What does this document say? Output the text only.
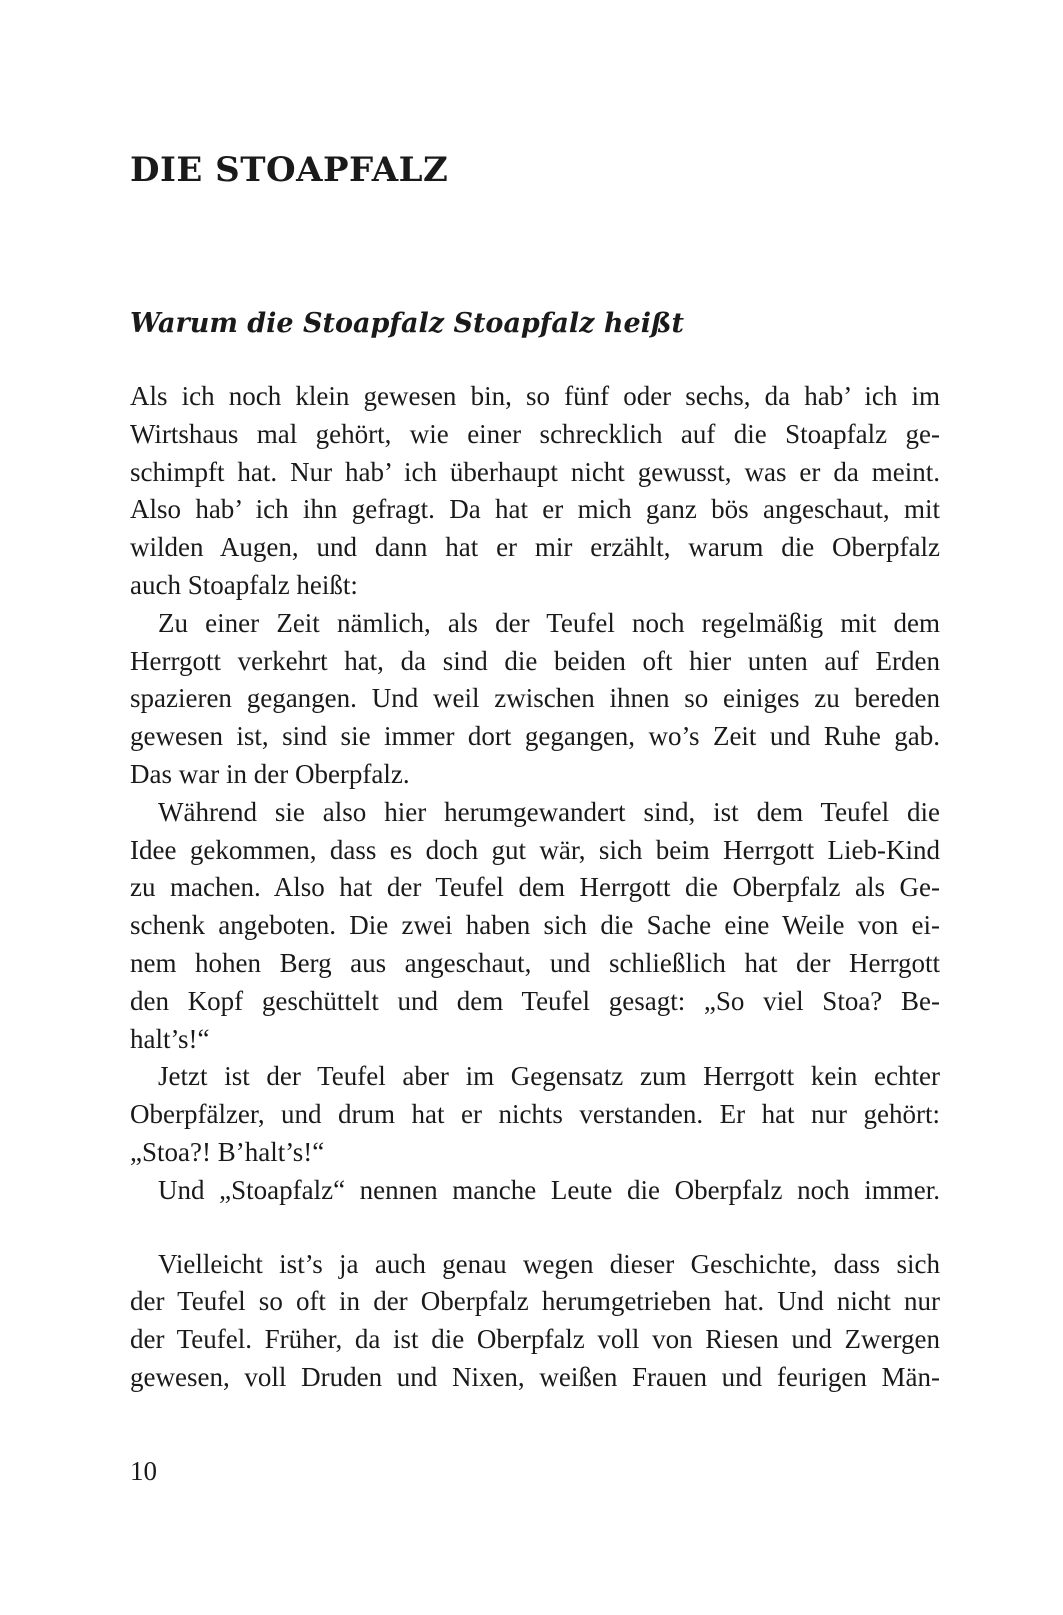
DIE STOAPFALZ
Warum die Stoapfalz Stoapfalz heißt
Als ich noch klein gewesen bin, so fünf oder sechs, da hab’ ich im
Wirtshaus mal gehört, wie einer schrecklich auf die Stoapfalz ge-
schimpft hat. Nur hab’ ich überhaupt nicht gewusst, was er da meint.
Also hab’ ich ihn gefragt. Da hat er mich ganz bös angeschaut, mit
wilden Augen, und dann hat er mir erzählt, warum die Oberpfalz
auch Stoapfalz heißt:
Zu einer Zeit nämlich, als der Teufel noch regelmäßig mit dem
Herrgott verkehrt hat, da sind die beiden oft hier unten auf Erden
spazieren gegangen. Und weil zwischen ihnen so einiges zu bereden
gewesen ist, sind sie immer dort gegangen, wo’s Zeit und Ruhe gab.
Das war in der Oberpfalz.
Während sie also hier herumgewandert sind, ist dem Teufel die
Idee gekommen, dass es doch gut wär, sich beim Herrgott Lieb-Kind
zu machen. Also hat der Teufel dem Herrgott die Oberpfalz als Ge-
schenk angeboten. Die zwei haben sich die Sache eine Weile von ei-
nem hohen Berg aus angeschaut, und schließlich hat der Herrgott
den Kopf geschüttelt und dem Teufel gesagt: „So viel Stoa? Be-
halt’s!“
Jetzt ist der Teufel aber im Gegensatz zum Herrgott kein echter
Oberpfälzer, und drum hat er nichts verstanden. Er hat nur gehört:
„Stoa?! B’halt’s!“
Und „Stoapfalz“ nennen manche Leute die Oberpfalz noch immer.
Vielleicht ist’s ja auch genau wegen dieser Geschichte, dass sich
der Teufel so oft in der Oberpfalz herumgetrieben hat. Und nicht nur
der Teufel. Früher, da ist die Oberpfalz voll von Riesen und Zwergen
gewesen, voll Druden und Nixen, weißen Frauen und feurigen Män-
10
